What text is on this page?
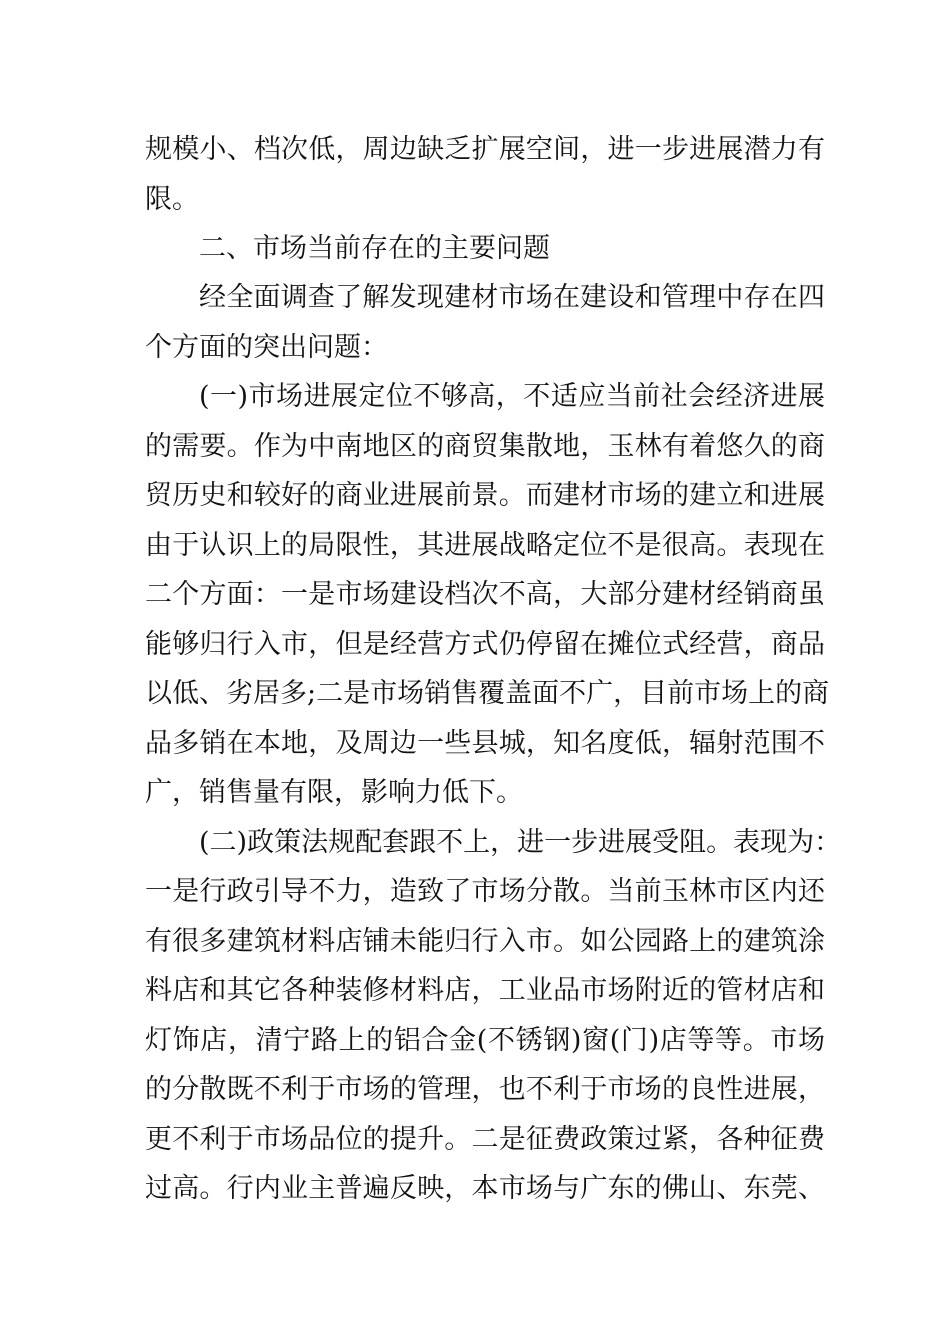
规模小、档次低，周边缺乏扩展空间，进一步进展潜力有
限。
二、市场当前存在的主要问题
经全面调查了解发现建材市场在建设和管理中存在四
个方面的突出问题：
(一)市场进展定位不够高，不适应当前社会经济进展
的需要。作为中南地区的商贸集散地，玉林有着悠久的商
贸历史和较好的商业进展前景。而建材市场的建立和进展
由于认识上的局限性，其进展战略定位不是很高。表现在
二个方面：一是市场建设档次不高，大部分建材经销商虽
能够归行入市，但是经营方式仍停留在摊位式经营，商品
以低、劣居多;二是市场销售覆盖面不广，目前市场上的商
品多销在本地，及周边一些县城，知名度低，辐射范围不
广，销售量有限，影响力低下。
(二)政策法规配套跟不上，进一步进展受阻。表现为：
一是行政引导不力，造致了市场分散。当前玉林市区内还
有很多建筑材料店铺未能归行入市。如公园路上的建筑涂
料店和其它各种装修材料店，工业品市场附近的管材店和
灯饰店，清宁路上的铝合金(不锈钢)窗(门)店等等。市场
的分散既不利于市场的管理，也不利于市场的良性进展，
更不利于市场品位的提升。二是征费政策过紧，各种征费
过高。行内业主普遍反映，本市场与广东的佛山、东莞、
